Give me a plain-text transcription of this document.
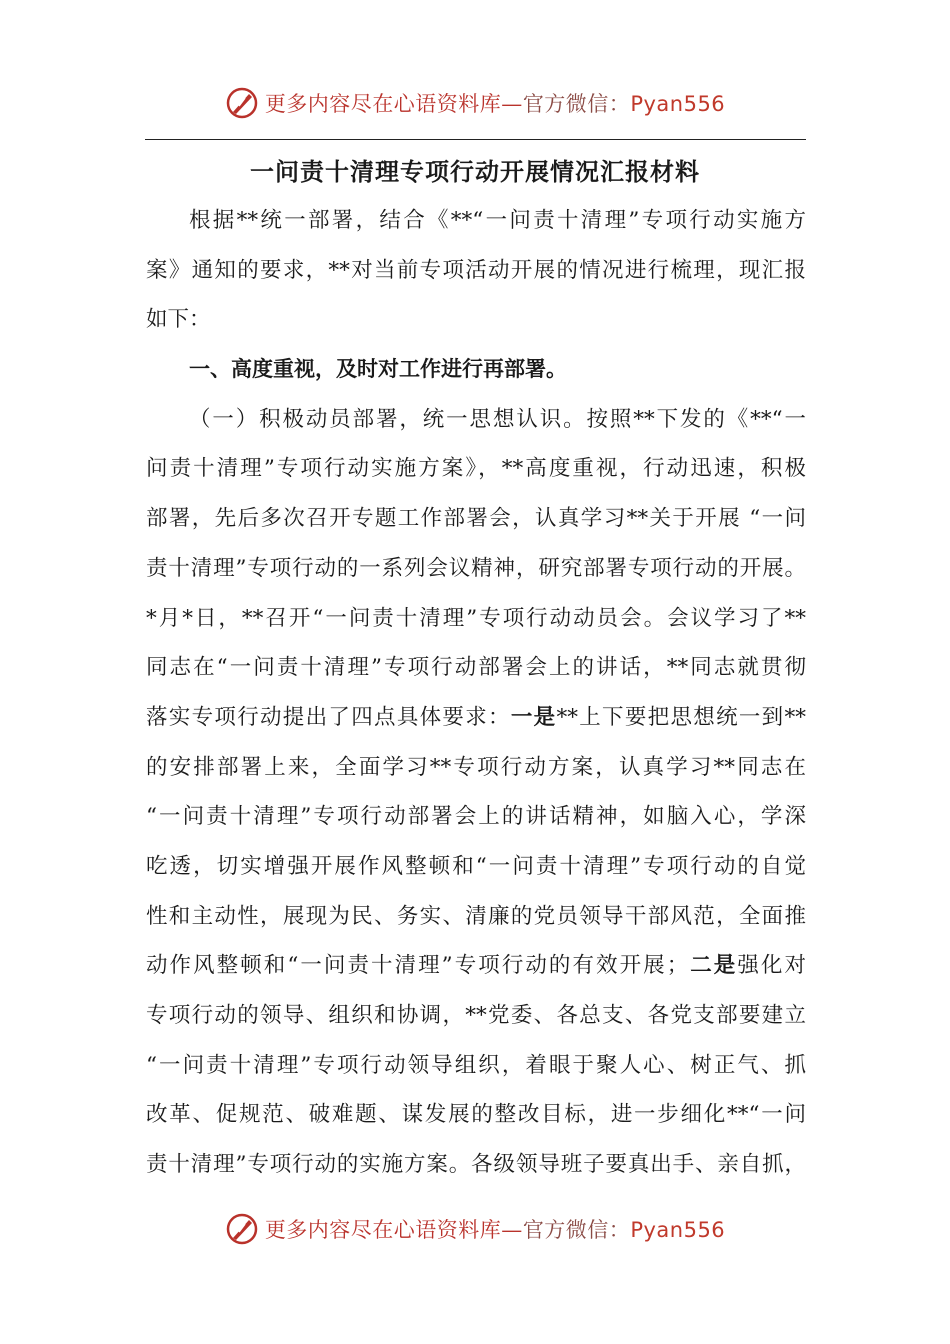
更多内容尽在心语资料库—官方微信：Pyan556
一问责十清理专项行动开展情况汇报材料
根据**统一部署，结合《**“一问责十清理”专项行动实施方
案》通知的要求，**对当前专项活动开展的情况进行梳理，现汇报
如下：
一、高度重视，及时对工作进行再部署。
（一）积极动员部署，统一思想认识。按照**下发的《**“一
问责十清理”专项行动实施方案》，**高度重视，行动迅速，积极
部署，先后多次召开专题工作部署会，认真学习**关于开展 “一问
责十清理”专项行动的一系列会议精神，研究部署专项行动的开展。
*月*日，**召开“一问责十清理”专项行动动员会。会议学习了**
同志在“一问责十清理”专项行动部署会上的讲话，**同志就贯彻
落实专项行动提出了四点具体要求：一是**上下要把思想统一到**
的安排部署上来，全面学习**专项行动方案，认真学习**同志在
“一问责十清理”专项行动部署会上的讲话精神，如脑入心，学深
吃透，切实增强开展作风整顿和“一问责十清理”专项行动的自觉
性和主动性，展现为民、务实、清廉的党员领导干部风范，全面推
动作风整顿和“一问责十清理”专项行动的有效开展；二是强化对
专项行动的领导、组织和协调，**党委、各总支、各党支部要建立
“一问责十清理”专项行动领导组织，着眼于聚人心、树正气、抓
改革、促规范、破难题、谋发展的整改目标，进一步细化**“一问
责十清理”专项行动的实施方案。各级领导班子要真出手、亲自抓，
更多内容尽在心语资料库—官方微信：Pyan556
